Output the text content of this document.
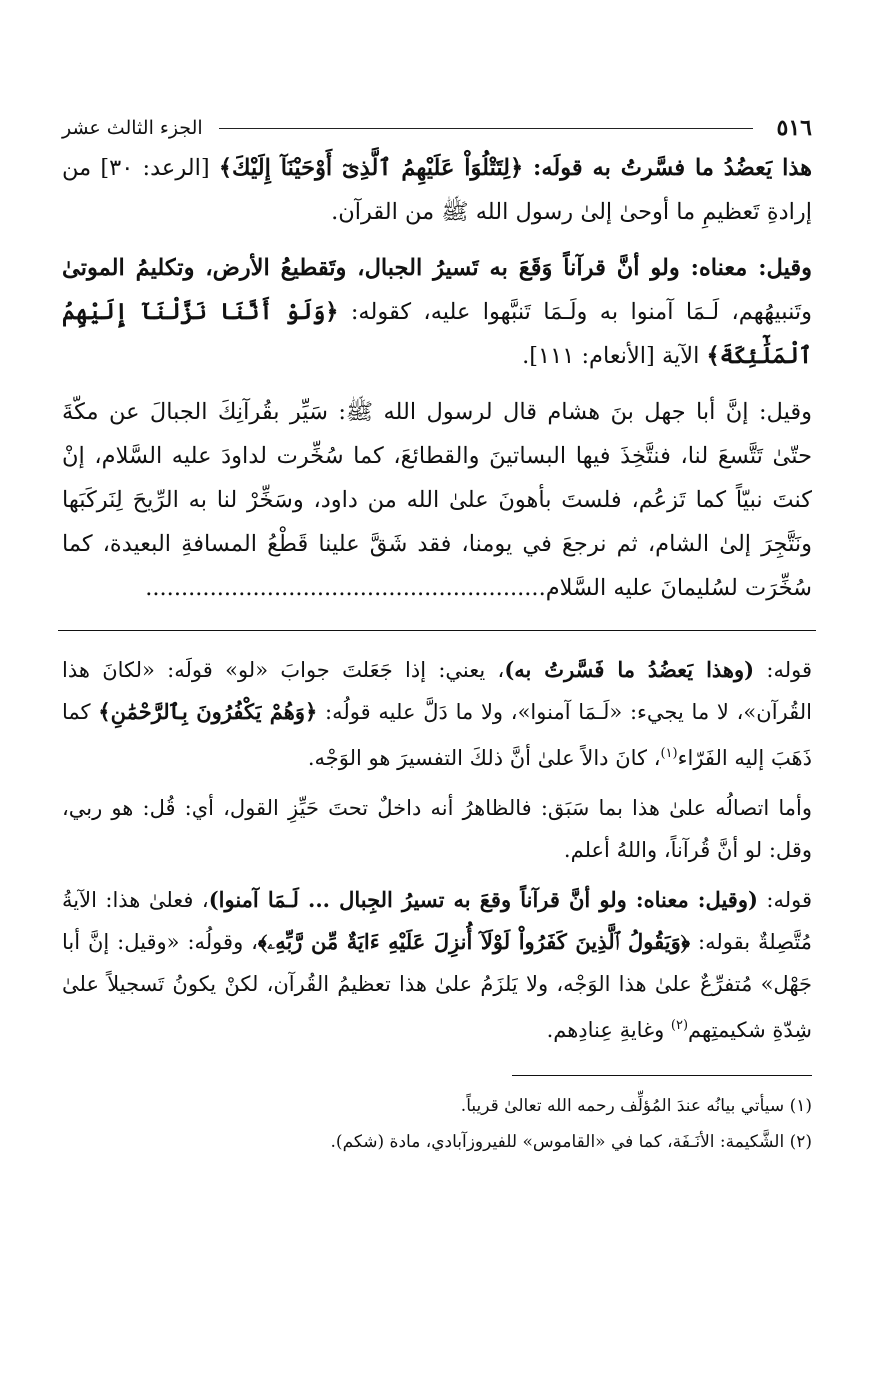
٥١٦
الجزء الثالث عشر

هذا يَعضُدُ ما فسَّرتُ به قولَه: ﴿لِتَتْلُوَاْ عَلَيْهِمُ ٱلَّذِىٓ أَوْحَيْنَآ إِلَيْكَ﴾ [الرعد: ٣٠] من إرادةِ تَعظيمِ ما أوحىٰ إلىٰ رسول الله ﷺ من القرآن.

وقيل: معناه: ولو أنَّ قرآناً وَقَعَ به تَسيرُ الجبال، وتَقطيعُ الأرض، وتكليمُ الموتىٰ وتَنبيهُهم، لَـمَا آمنوا به ولَـمَا تَنبَّهوا عليه، كقوله: ﴿وَلَوْ أَنَّنَا نَزَّلْنَآ إِلَيْهِمُ ٱلْمَلَٰٓئِكَةَ﴾ الآية [الأنعام: ١١١].

وقيل: إنَّ أبا جهل بنَ هشام قال لرسول الله ﷺ: سَيِّر بقُرآنِكَ الجبالَ عن مكّةَ حتّىٰ تَتَّسعَ لنا، فنتَّخِذَ فيها البساتينَ والقطائعَ، كما سُخِّرت لداودَ عليه السَّلام، إنْ كنتَ نبيّاً كما تَزعُم، فلستَ بأهونَ علىٰ الله من داود، وسَخِّرْ لنا به الرِّيحَ لِنَركَبَها ونَتَّجِرَ إلىٰ الشام، ثم نرجعَ في يومنا، فقد شَقَّ علينا قَطْعُ المسافةِ البعيدة، كما سُخِّرَت لسُليمانَ عليه السَّلام........................................................

قوله: (وهذا يَعضُدُ ما فَسَّرتُ به)، يعني: إذا جَعَلتَ جوابَ «لو» قولَه: «لكانَ هذا القُرآن»، لا ما يجيء: «لَـمَا آمنوا»، ولا ما دَلَّ عليه قولُه: ﴿وَهُمْ يَكْفُرُونَ بِٱلرَّحْمَٰنِ﴾ كما ذَهَبَ إليه الفَرّاء$^{(١)}$، كانَ دالاً علىٰ أنَّ ذلكَ التفسيرَ هو الوَجْه.

وأما اتصالُه علىٰ هذا بما سَبَق: فالظاهرُ أنه داخلٌ تحتَ حَيِّزِ القول، أي: قُل: هو ربي، وقل: لو أنَّ قُرآناً، واللهُ أعلم.

قوله: (وقيل: معناه: ولو أنَّ قرآناً وقعَ به تسيرُ الجِبال ... لَـمَا آمنوا)، فعلىٰ هذا: الآيةُ مُتَّصِلةٌ بقوله: ﴿وَيَقُولُ ٱلَّذِينَ كَفَرُواْ لَوْلَآ أُنزِلَ عَلَيْهِ ءَايَةٌ مِّن رَّبِّهِۦ﴾، وقولُه: «وقيل: إنَّ أبا جَهْل» مُتفرِّعٌ علىٰ هذا الوَجْه، ولا يَلزَمُ علىٰ هذا تعظيمُ القُرآن، لكنْ يكونُ تَسجيلاً علىٰ شِدّةِ شكيمتِهم$^{(٢)}$ وغايةِ عِنادِهم.

(١) سيأتي بيانُه عندَ المُؤلِّف رحمه الله تعالىٰ قريباً.

(٢) الشَّكيمة: الأنَـفَة، كما في «القاموس» للفيروزآبادي، مادة (شكم).
